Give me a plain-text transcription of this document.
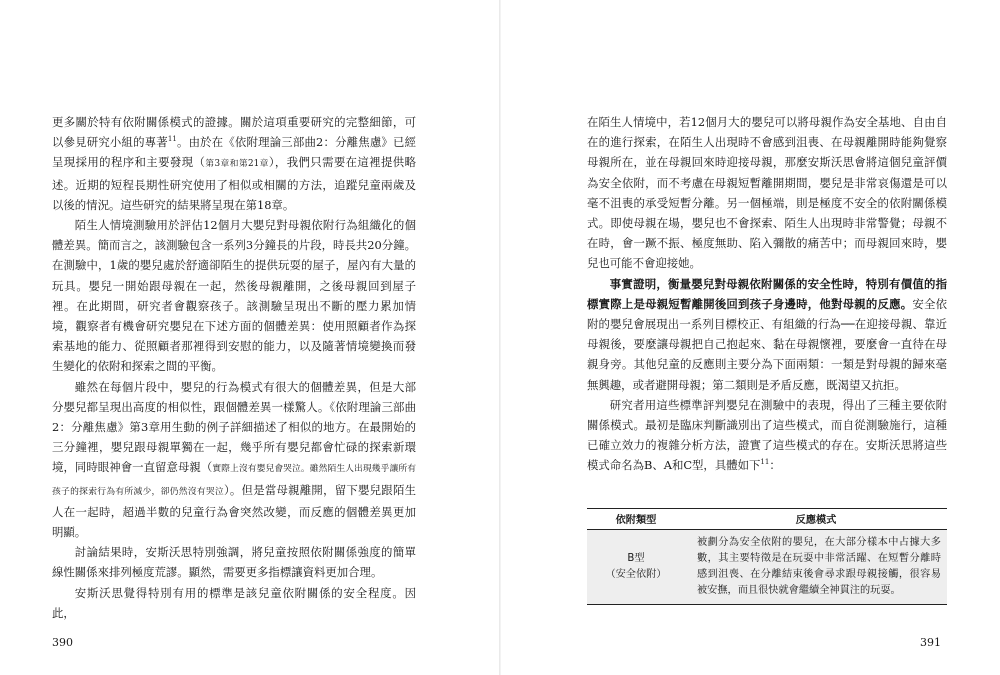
更多關於特有依附關係模式的證據。關於這項重要研究的完整細節，可以參見研究小組的專著$^{11}$。由於在《依附理論三部曲2：分離焦慮》已經呈現採用的程序和主要發現（第3章和第21章），我們只需要在這裡提供略述。近期的短程長期性研究使用了相似或相關的方法，追蹤兒童兩歲及以後的情況。這些研究的結果將呈現在第18章。

陌生人情境測驗用於評估12個月大嬰兒對母親依附行為組織化的個體差異。簡而言之，該測驗包含一系列3分鐘長的片段，時長共20分鐘。在測驗中，1歲的嬰兒處於舒適卻陌生的提供玩耍的屋子，屋內有大量的玩具。嬰兒一開始跟母親在一起，然後母親離開，之後母親回到屋子裡。在此期間，研究者會觀察孩子。該測驗呈現出不斷的壓力累加情境，觀察者有機會研究嬰兒在下述方面的個體差異：使用照顧者作為探索基地的能力、從照顧者那裡得到安慰的能力，以及隨著情境變換而發生變化的依附和探索之間的平衡。

雖然在每個片段中，嬰兒的行為模式有很大的個體差異，但是大部分嬰兒都呈現出高度的相似性，跟個體差異一樣驚人。《依附理論三部曲2：分離焦慮》第3章用生動的例子詳細描述了相似的地方。在最開始的三分鐘裡，嬰兒跟母親單獨在一起，幾乎所有嬰兒都會忙碌的探索新環境，同時眼神會一直留意母親（實際上沒有嬰兒會哭泣。雖然陌生人出現幾乎讓所有孩子的探索行為有所減少，卻仍然沒有哭泣）。但是當母親離開，留下嬰兒跟陌生人在一起時，超過半數的兒童行為會突然改變，而反應的個體差異更加明顯。

討論結果時，安斯沃思特別強調，將兒童按照依附關係強度的簡單線性關係來排列極度荒謬。顯然，需要更多指標讓資料更加合理。

安斯沃思覺得特別有用的標準是該兒童依附關係的安全程度。因此，

390

在陌生人情境中，若12個月大的嬰兒可以將母親作為安全基地、自由自在的進行探索，在陌生人出現時不會感到沮喪、在母親離開時能夠覺察母親所在，並在母親回來時迎接母親，那麼安斯沃思會將這個兒童評價為安全依附，而不考慮在母親短暫離開期間，嬰兒是非常哀傷還是可以毫不沮喪的承受短暫分離。另一個極端，則是極度不安全的依附關係模式。即使母親在場，嬰兒也不會探索、陌生人出現時非常警覺；母親不在時，會一蹶不振、極度無助、陷入彌散的痛苦中；而母親回來時，嬰兒也可能不會迎接她。

事實證明，衡量嬰兒對母親依附關係的安全性時，特別有價值的指標實際上是母親短暫離開後回到孩子身邊時，他對母親的反應。安全依附的嬰兒會展現出一系列目標校正、有組織的行為──在迎接母親、靠近母親後，要麼讓母親把自己抱起來、黏在母親懷裡，要麼會一直待在母親身旁。其他兒童的反應則主要分為下面兩類：一類是對母親的歸來毫無興趣，或者避開母親；第二類則是矛盾反應，既渴望又抗拒。

研究者用這些標準評判嬰兒在測驗中的表現，得出了三種主要依附關係模式。最初是臨床判斷識別出了這些模式，而自從測驗施行，這種已確立效力的複雜分析方法，證實了這些模式的存在。安斯沃思將這些模式命名為B、A和C型，具體如下$^{11}$：

依附類型	反應模式

B型
（安全依附）	被劃分為安全依附的嬰兒，在大部分樣本中占據大多數，其主要特徵是在玩耍中非常活躍、在短暫分離時感到沮喪、在分離結束後會尋求跟母親接觸，很容易被安撫，而且很快就會繼續全神貫注的玩耍。
391
